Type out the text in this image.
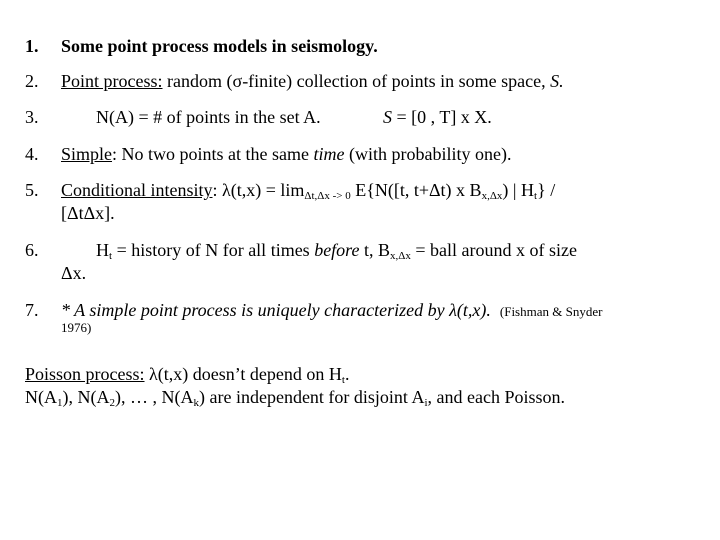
1. Some point process models in seismology.
2. Point process: random (σ-finite) collection of points in some space, S.
3.	N(A) = # of points in the set A.	S = [0 , T] x X.
4. Simple: No two points at the same time (with probability one).
5. Conditional intensity: $\lambda(t,x) = \lim_{\Delta t,\Delta x -> 0} E\{N([t$, t+Δt) x $B_{x,\Delta x}$) | $H_t$} /
[ΔtΔx].
6.	$H_t$ = history of N for all times before t, $B_{x,\Delta x}$ = ball around x of size
Δx.
7. * A simple point process is uniquely characterized by λ(t,x). (Fishman & Snyder
1976)
Poisson process: λ(t,x) doesn’t depend on $H_t$.
$N(A_1)$, $N(A_2)$, … , $N(A_k)$ are independent for disjoint $A_i$, and each Poisson.
